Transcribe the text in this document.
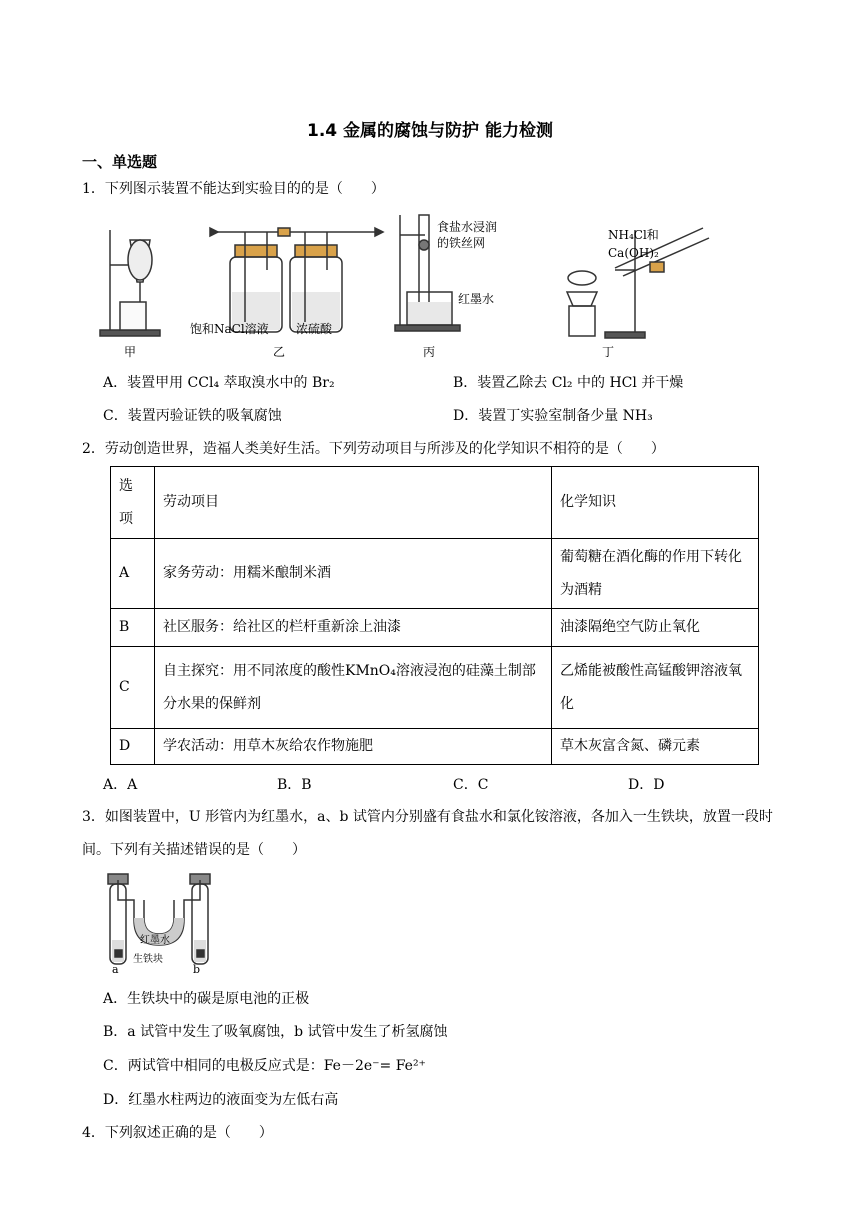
1.4 金属的腐蚀与防护 能力检测
一、单选题
1．下列图示装置不能达到实验目的的是（　　）
NH₄Cl和
Ca(OH)₂
食盐水浸润
的铁丝网
红墨水
饱和NaCl溶液 浓硫酸
甲	乙	丙	丁
A．装置甲用 CCl₄ 萃取溴水中的 Br₂	B．装置乙除去 Cl₂ 中的 HCl 并干燥
C．装置丙验证铁的吸氧腐蚀	D．装置丁实验室制备少量 NH₃
2．劳动创造世界，造福人类美好生活。下列劳动项目与所涉及的化学知识不相符的是（　　）
选项	劳动项目	化学知识
A	家务劳动：用糯米酿制米酒	葡萄糖在酒化酶的作用下转化为酒精
B	社区服务：给社区的栏杆重新涂上油漆	油漆隔绝空气防止氧化
C	自主探究：用不同浓度的酸性KMnO₄溶液浸泡的硅藻土制部分水果的保鲜剂	乙烯能被酸性高锰酸钾溶液氧化
D	学农活动：用草木灰给农作物施肥	草木灰富含氮、磷元素
A．A	B．B	C．C	D．D
3．如图装置中，U 形管内为红墨水，a、b 试管内分别盛有食盐水和氯化铵溶液，各加入一生铁块，放置一段时间。下列有关描述错误的是（　　）
红墨水
生铁块
a	b
A．生铁块中的碳是原电池的正极
B．a 试管中发生了吸氧腐蚀，b 试管中发生了析氢腐蚀
C．两试管中相同的电极反应式是：Fe－2e⁻= Fe²⁺
D．红墨水柱两边的液面变为左低右高
4．下列叙述正确的是（　　）
